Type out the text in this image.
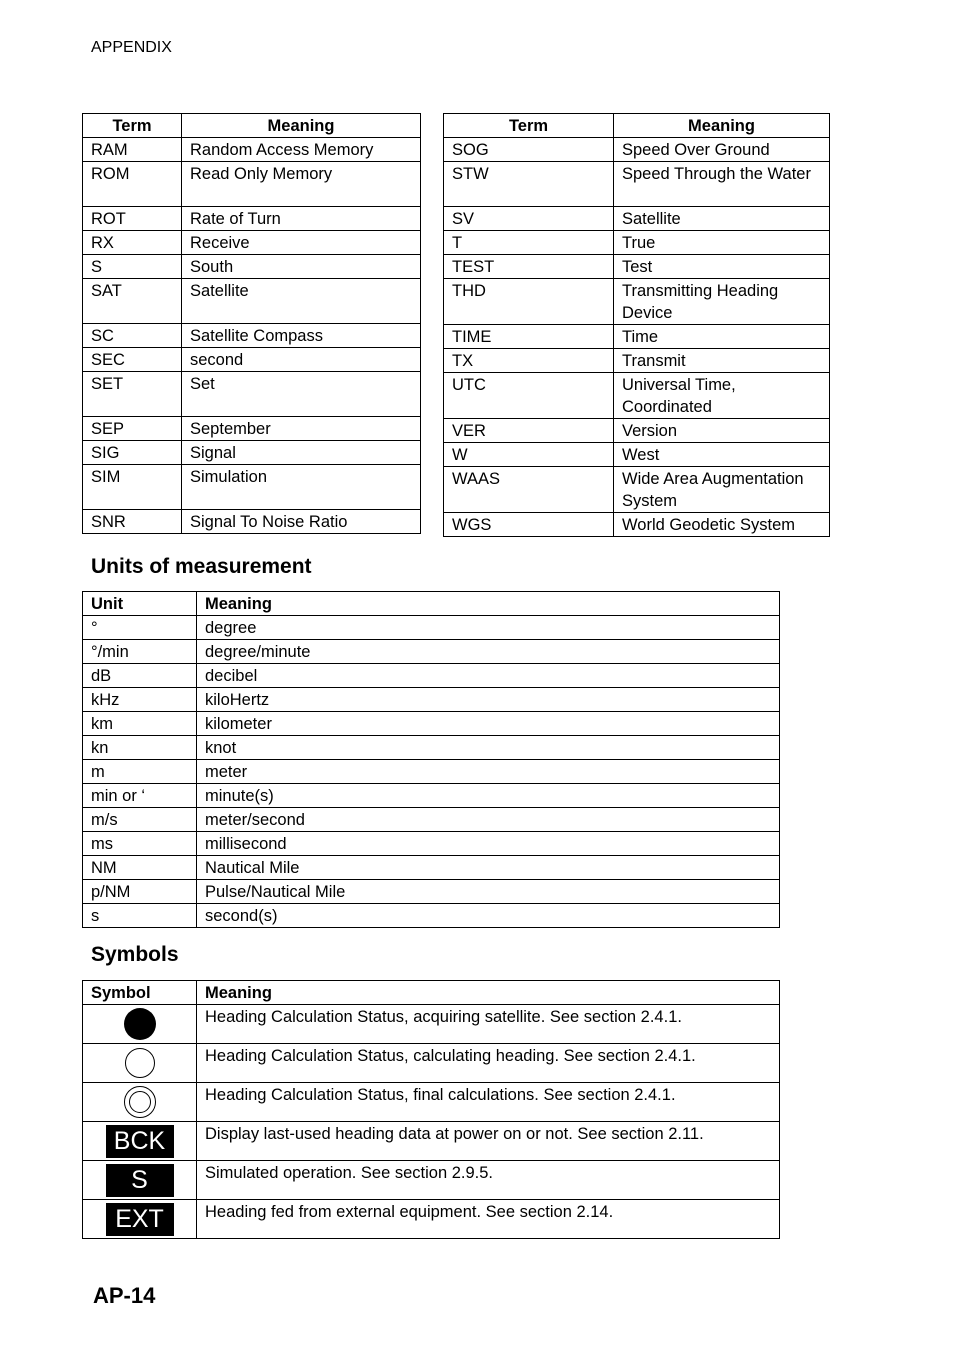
APPENDIX
Term	Meaning
RAM	Random Access Memory
ROM	Read Only Memory
ROT	Rate of Turn
RX	Receive
S	South
SAT	Satellite
SC	Satellite Compass
SEC	second
SET	Set
SEP	September
SIG	Signal
SIM	Simulation
SNR	Signal To Noise Ratio
Term	Meaning
SOG	Speed Over Ground
STW	Speed Through the Water
SV	Satellite
T	True
TEST	Test
THD	Transmitting Heading Device
TIME	Time
TX	Transmit
UTC	Universal Time, Coordinated
VER	Version
W	West
WAAS	Wide Area Augmentation System
WGS	World Geodetic System
Units of measurement
Unit	Meaning
°	degree
°/min	degree/minute
dB	decibel
kHz	kiloHertz
km	kilometer
kn	knot
m	meter
min or ‘	minute(s)
m/s	meter/second
ms	millisecond
NM	Nautical Mile
p/NM	Pulse/Nautical Mile
s	second(s)
Symbols
Symbol	Meaning
	Heading Calculation Status, acquiring satellite. See section 2.4.1.
	Heading Calculation Status, calculating heading. See section 2.4.1.
	Heading Calculation Status, final calculations. See section 2.4.1.
BCK	Display last-used heading data at power on or not. See section 2.11.
S	Simulated operation. See section 2.9.5.
EXT	Heading fed from external equipment. See section 2.14.
AP-14
